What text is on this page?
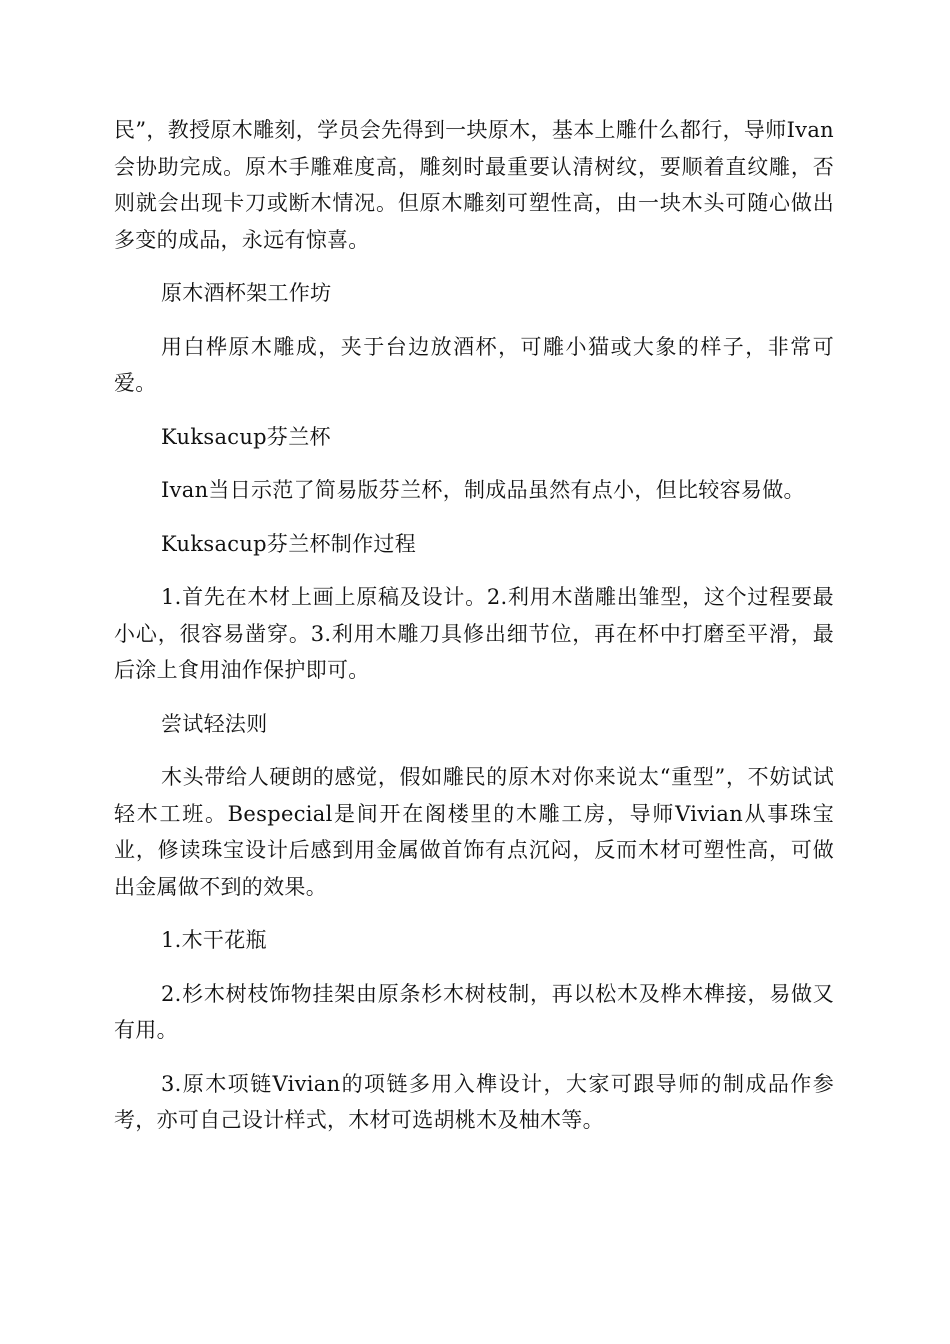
民”，教授原木雕刻，学员会先得到一块原木，基本上雕什么都行，导师Ivan会协助完成。原木手雕难度高，雕刻时最重要认清树纹，要顺着直纹雕，否则就会出现卡刀或断木情况。但原木雕刻可塑性高，由一块木头可随心做出多变的成品，永远有惊喜。

原木酒杯架工作坊

用白桦原木雕成，夹于台边放酒杯，可雕小猫或大象的样子，非常可爱。

Kuksacup芬兰杯

Ivan当日示范了简易版芬兰杯，制成品虽然有点小，但比较容易做。

Kuksacup芬兰杯制作过程

1.首先在木材上画上原稿及设计。2.利用木凿雕出雏型，这个过程要最小心，很容易凿穿。3.利用木雕刀具修出细节位，再在杯中打磨至平滑，最后涂上食用油作保护即可。

尝试轻法则

木头带给人硬朗的感觉，假如雕民的原木对你来说太“重型”，不妨试试轻木工班。Bespecial是间开在阁楼里的木雕工房，导师Vivian从事珠宝业，修读珠宝设计后感到用金属做首饰有点沉闷，反而木材可塑性高，可做出金属做不到的效果。

1.木干花瓶

2.杉木树枝饰物挂架由原条杉木树枝制，再以松木及桦木榫接，易做又有用。

3.原木项链Vivian的项链多用入榫设计，大家可跟导师的制成品作参考，亦可自己设计样式，木材可选胡桃木及柚木等。
